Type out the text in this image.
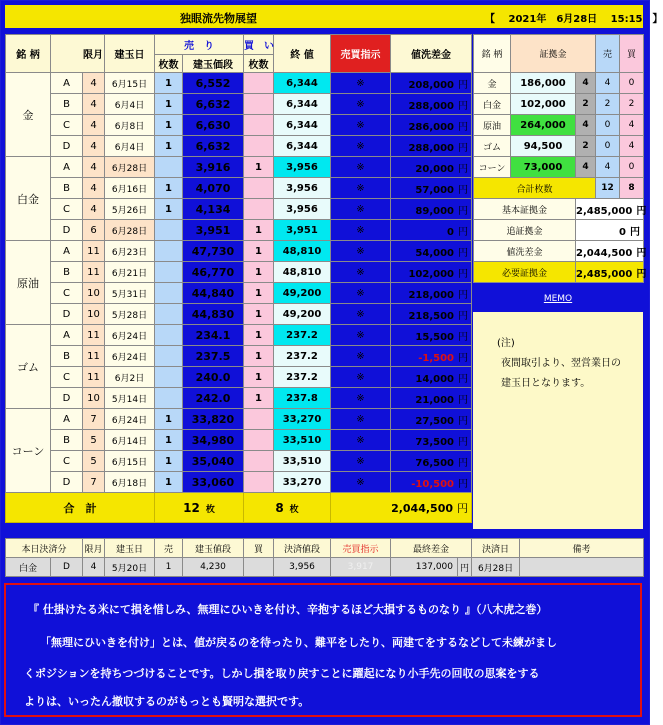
独眼流先物展望	【　 2021年　6月28日　 15:15　】
銘 柄	限月		建玉日	売　り		買　い	終 値	売買指示	値洗差金
				枚数	建玉価段	枚数			
金	A	4	6月15日	1	6,552		6,344	※	208,000 円
	B	4	6月4日	1	6,632		6,344	※	288,000 円
	C	4	6月8日	1	6,630		6,344	※	286,000 円
	D	4	6月4日	1	6,632		6,344	※	288,000 円
白金	A	4	6月28日		3,916	1	3,956	※	20,000 円
	B	4	6月16日	1	4,070		3,956	※	57,000 円
	C	4	5月26日	1	4,134		3,956	※	89,000 円
	D	6	6月28日		3,951	1	3,951	※	0 円
原油	A	11	6月23日		47,730	1	48,810	※	54,000 円
	B	11	6月21日		46,770	1	48,810	※	102,000 円
	C	10	5月31日		44,840	1	49,200	※	218,000 円
	D	10	5月28日		44,830	1	49,200	※	218,500 円
ゴム	A	11	6月24日		234.1	1	237.2	※	15,500 円
	B	11	6月24日		237.5	1	237.2	※	-1,500 円
	C	11	6月2日		240.0	1	237.2	※	14,000 円
	D	10	5月14日		242.0	1	237.8	※	21,000 円
コーン	A	7	6月24日	1	33,820		33,270	※	27,500 円
	B	5	6月14日	1	34,980		33,510	※	73,500 円
	C	5	6月15日	1	35,040		33,510	※	76,500 円
	D	7	6月18日	1	33,060		33,270	※	-10,500 円
合　計				12 枚		8 枚		2,044,500 円	
銘 柄	証拠金		売	買
金	186,000	4	4	0
白金	102,000	2	2	2
原油	264,000	4	0	4
ゴム	94,500	2	0	4
コーン	73,000	4	4	0
合計枚数			12	8
基本証拠金		2,485,000 円		
追証拠金		0 円		
値洗差金		2,044,500 円		
必要証拠金		2,485,000 円		
MEMO
(注)
夜間取引より、翌営業日の
建玉日となります。
本日決済分		限月	建玉日	売	建玉値段	買	決済値段	売買指示	最終差金		決済日	備考
白金	D	4	5月20日	1	4,230		3,956	3,917	137,000	円	6月28日	
『 仕掛けたる米にて損を惜しみ、無理にひいきを付け、辛抱するほど大損するものなり 』（八木虎之巻）
「無理にひいきを付け」とは、値が戻るのを待ったり、難平をしたり、両建てをするなどして未練がまし
くポジションを持ちつづけることです。しかし損を取り戻すことに躍起になり小手先の回収の思案をする
よりは、いったん撤収するのがもっとも賢明な選択です。
